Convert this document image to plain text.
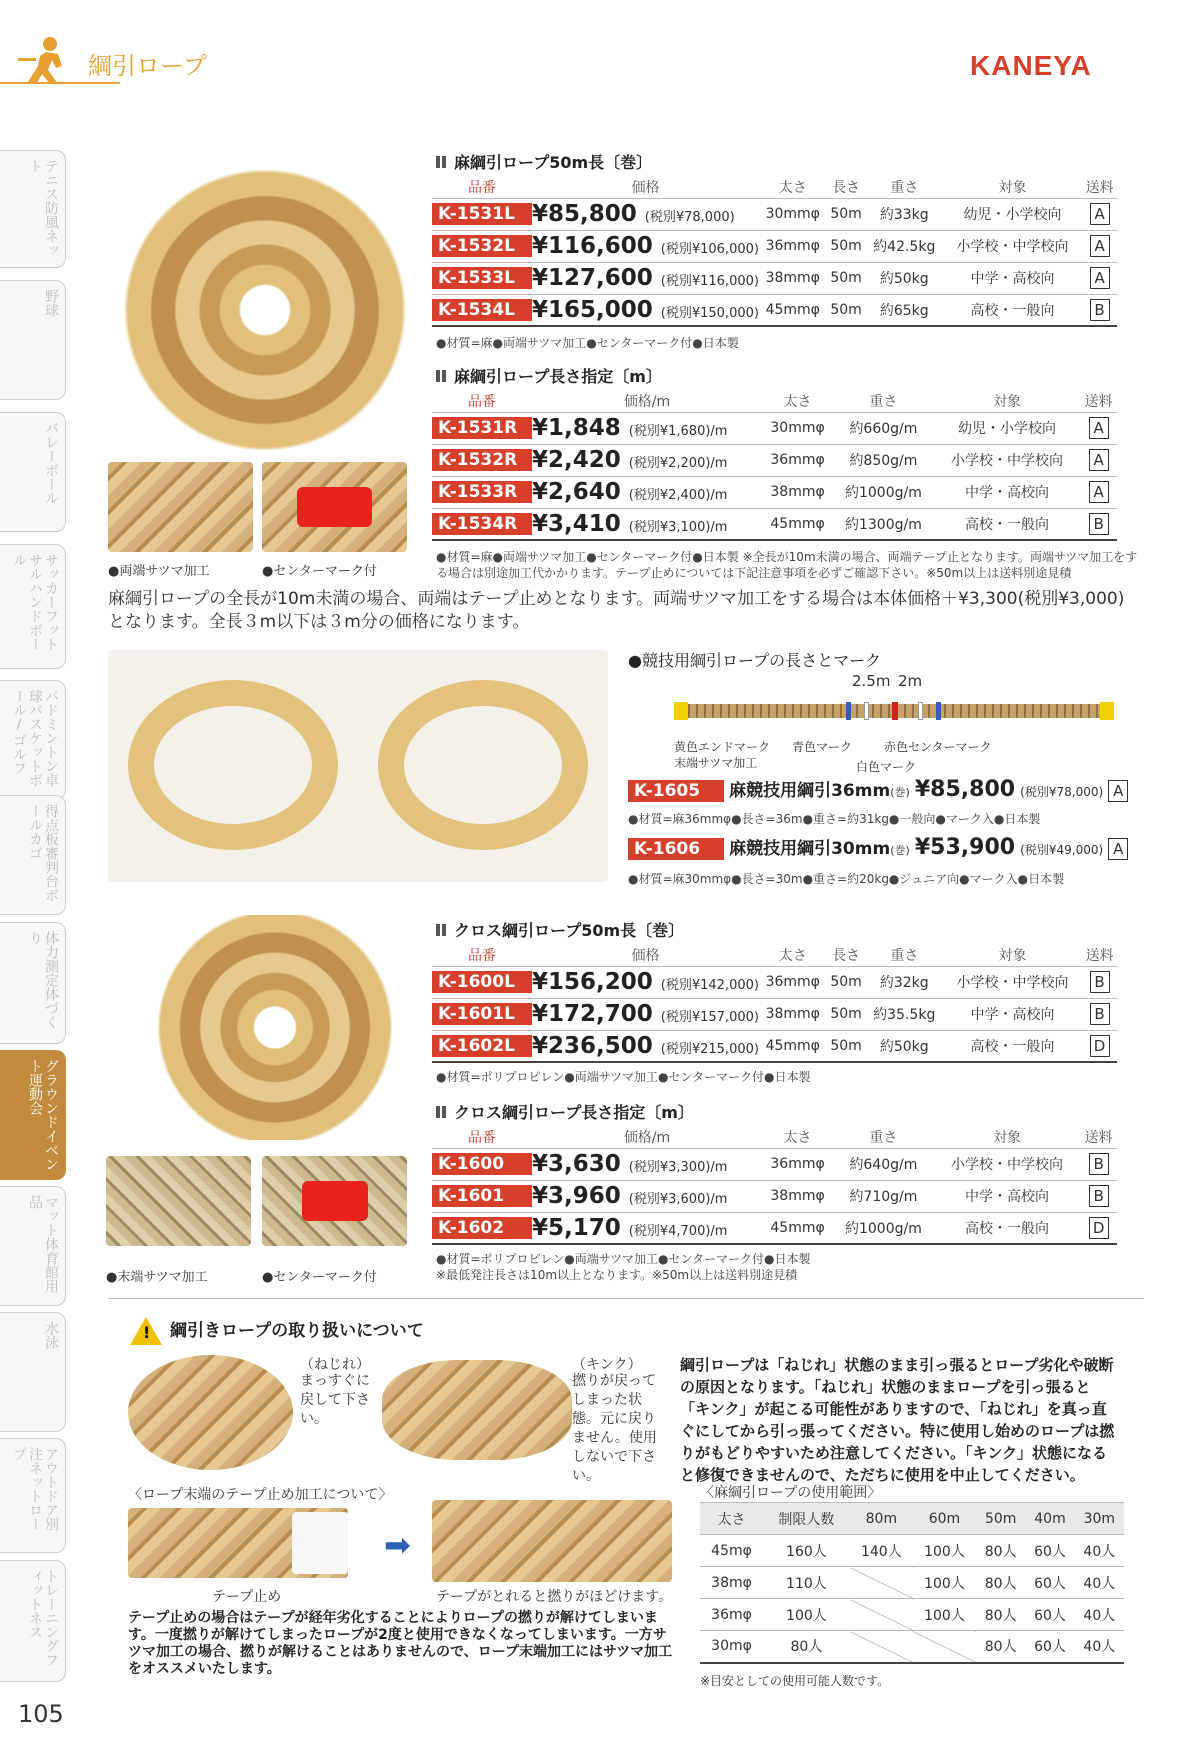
綱引ロープ	KANEYA
テニス防風ネット
野球
バレーボール
サッカーフットサルハンドボール
バドミントン卓球バスケットボール/ゴルフ
得点板審判台ボールカゴ
体力測定体づくり
グラウンドイベント運動会
マット体育館用品
水泳
アウトドア別注ネットロープ
トレーニングフィットネス
105
●両端サツマ加工	●センターマーク付
麻綱引ロープ50m長〔巻〕
品番	価格	太さ	長さ	重さ	対象	送料
K-1531L	¥85,800 (税別¥78,000)	30mmφ	50m	約33kg	幼児・小学校向	A
K-1532L	¥116,600 (税別¥106,000)	36mmφ	50m	約42.5kg	小学校・中学校向	A
K-1533L	¥127,600 (税別¥116,000)	38mmφ	50m	約50kg	中学・高校向	A
K-1534L	¥165,000 (税別¥150,000)	45mmφ	50m	約65kg	高校・一般向	B
●材質=麻●両端サツマ加工●センターマーク付●日本製
麻綱引ロープ長さ指定〔m〕
品番	価格/m	太さ	重さ	対象	送料
K-1531R	¥1,848 (税別¥1,680)/m	30mmφ	約660g/m	幼児・小学校向	A
K-1532R	¥2,420 (税別¥2,200)/m	36mmφ	約850g/m	小学校・中学校向	A
K-1533R	¥2,640 (税別¥2,400)/m	38mmφ	約1000g/m	中学・高校向	A
K-1534R	¥3,410 (税別¥3,100)/m	45mmφ	約1300g/m	高校・一般向	B
●材質=麻●両端サツマ加工●センターマーク付●日本製 ※全長が10m未満の場合、両端テープ止となります。両端サツマ加工をす
る場合は別途加工代かかります。テープ止めについては下記注意事項を必ずご確認下さい。※50m以上は送料別途見積
麻綱引ロープの全長が10m未満の場合、両端はテープ止めとなります。両端サツマ加工をする場合は本体価格＋¥3,300(税別¥3,000)
となります。全長３m以下は３m分の価格になります。
●競技用綱引ロープの長さとマーク
2.5m 2m
黄色エンドマーク
末端サツマ加工
青色マーク
白色マーク
赤色センターマーク
K-1605 麻競技用綱引36mm(巻) ¥85,800 (税別¥78,000) A
●材質=麻36mmφ●長さ=36m●重さ=約31kg●一般向●マーク入●日本製
K-1606 麻競技用綱引30mm(巻) ¥53,900 (税別¥49,000) A
●材質=麻30mmφ●長さ=30m●重さ=約20kg●ジュニア向●マーク入●日本製
●末端サツマ加工	●センターマーク付
クロス綱引ロープ50m長〔巻〕
品番	価格	太さ	長さ	重さ	対象	送料
K-1600L	¥156,200 (税別¥142,000)	36mmφ	50m	約32kg	小学校・中学校向	B
K-1601L	¥172,700 (税別¥157,000)	38mmφ	50m	約35.5kg	中学・高校向	B
K-1602L	¥236,500 (税別¥215,000)	45mmφ	50m	約50kg	高校・一般向	D
●材質=ポリプロピレン●両端サツマ加工●センターマーク付●日本製
クロス綱引ロープ長さ指定〔m〕
品番	価格/m	太さ	重さ	対象	送料
K-1600	¥3,630 (税別¥3,300)/m	36mmφ	約640g/m	小学校・中学校向	B
K-1601	¥3,960 (税別¥3,600)/m	38mmφ	約710g/m	中学・高校向	B
K-1602	¥5,170 (税別¥4,700)/m	45mmφ	約1000g/m	高校・一般向	D
●材質=ポリプロピレン●両端サツマ加工●センターマーク付●日本製
※最低発注長さは10m以上となります。※50m以上は送料別途見積
! 綱引きロープの取り扱いについて
（ねじれ）
まっすぐに戻して下さい。
（キンク）
撚りが戻ってしまった状態。元に戻りません。使用しないで下さい。
綱引ロープは「ねじれ」状態のまま引っ張るとロープ劣化や破断の原因となります。「ねじれ」状態のままロープを引っ張ると「キンク」が起こる可能性がありますので、「ねじれ」を真っ直ぐにしてから引っ張ってください。特に使用し始めのロープは撚りがもどりやすいため注意してください。「キンク」状態になると修復できませんので、ただちに使用を中止してください。
〈ロープ末端のテープ止め加工について〉
➡
テープ止め	テープがとれると撚りがほどけます。
テープ止めの場合はテープが経年劣化することによりロープの撚りが解けてしまいます。一度撚りが解けてしまったロープが2度と使用できなくなってしまいます。一方サツマ加工の場合、撚りが解けることはありませんので、ロープ末端加工にはサツマ加工をオススメいたします。
〈麻綱引ロープの使用範囲〉
太さ	制限人数	80m	60m	50m	40m	30m
45mφ	160人	140人	100人	80人	60人	40人
38mφ	110人		100人	80人	60人	40人
36mφ	100人		100人	80人	60人	40人
30mφ	80人			80人	60人	40人
※目安としての使用可能人数です。
